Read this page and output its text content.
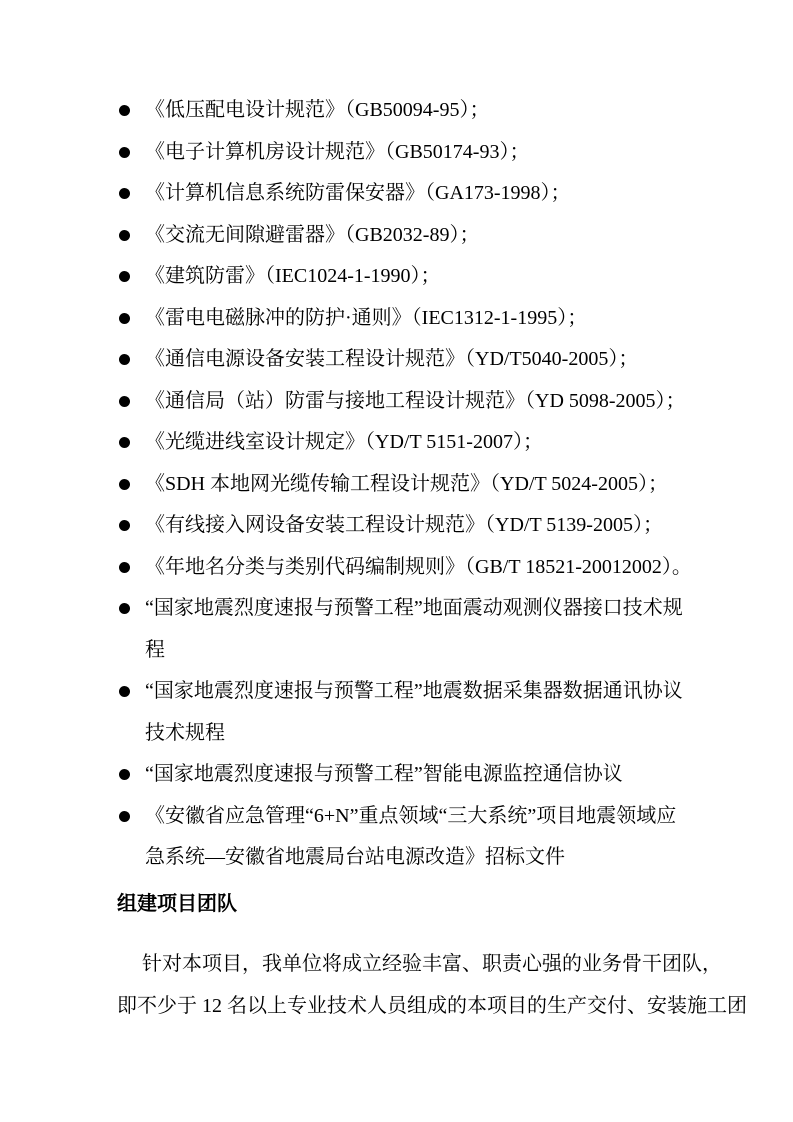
《低压配电设计规范》（GB50094-95）；
《电子计算机房设计规范》（GB50174-93）；
《计算机信息系统防雷保安器》（GA173-1998）；
《交流无间隙避雷器》（GB2032-89）；
《建筑防雷》（IEC1024-1-1990）；
《雷电电磁脉冲的防护·通则》（IEC1312-1-1995）；
《通信电源设备安装工程设计规范》（YD/T5040-2005）；
《通信局（站）防雷与接地工程设计规范》（YD 5098-2005）；
《光缆进线室设计规定》（YD/T 5151-2007）；
《SDH 本地网光缆传输工程设计规范》（YD/T 5024-2005）；
《有线接入网设备安装工程设计规范》（YD/T 5139-2005）；
《年地名分类与类别代码编制规则》（GB/T 18521-20012002）。
“国家地震烈度速报与预警工程”地面震动观测仪器接口技术规
程
“国家地震烈度速报与预警工程”地震数据采集器数据通讯协议
技术规程
“国家地震烈度速报与预警工程”智能电源监控通信协议
《安徽省应急管理“6+N”重点领域“三大系统”项目地震领域应
急系统—安徽省地震局台站电源改造》招标文件
组建项目团队

针对本项目，我单位将成立经验丰富、职责心强的业务骨干团队，
即不少于 12 名以上专业技术人员组成的本项目的生产交付、安装施工团
